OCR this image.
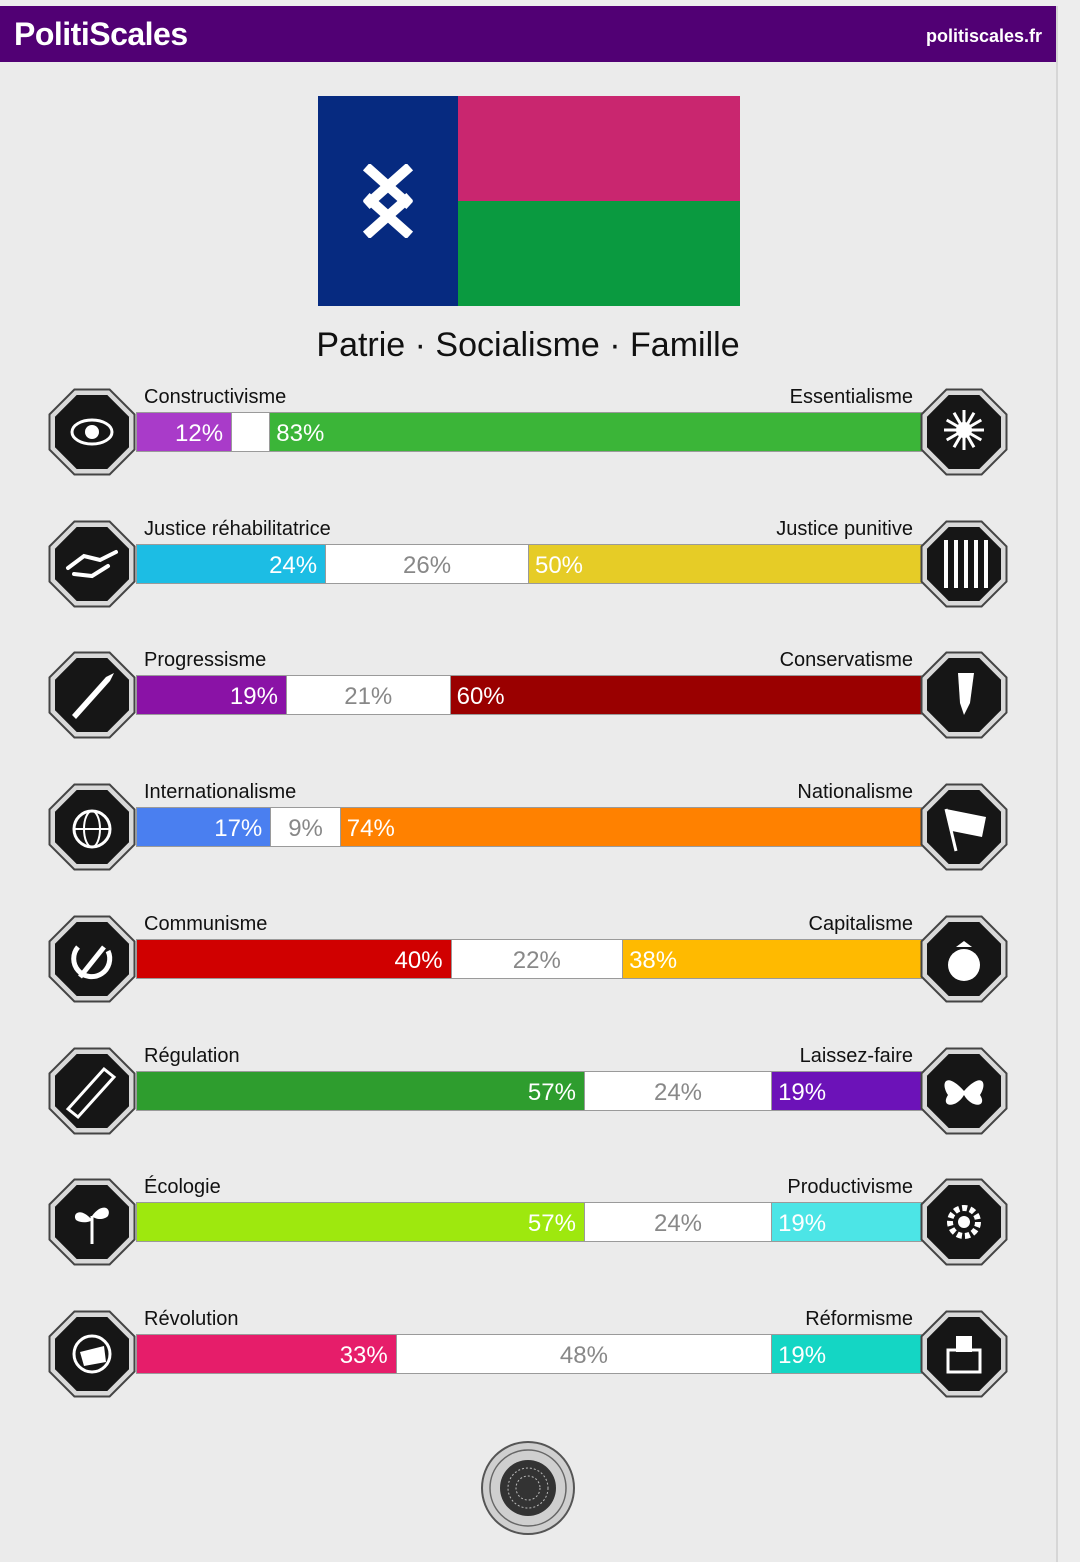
PolitiScales	politiscales.fr
Patrie · Socialisme · Famille
Constructivisme	Essentialisme
12% 83%
Justice réhabilitatrice	Justice punitive
24%	26%	50%
Progressisme	Conservatisme
19%	21%	60%
Internationalisme	Nationalisme
17%	9% 74%
Communisme	Capitalisme
40%	22%	38%
Régulation	Laissez-faire
57%	24%	19%
Écologie	Productivisme
57%	24%	19%
Révolution	Réformisme
33%	48%	19%
